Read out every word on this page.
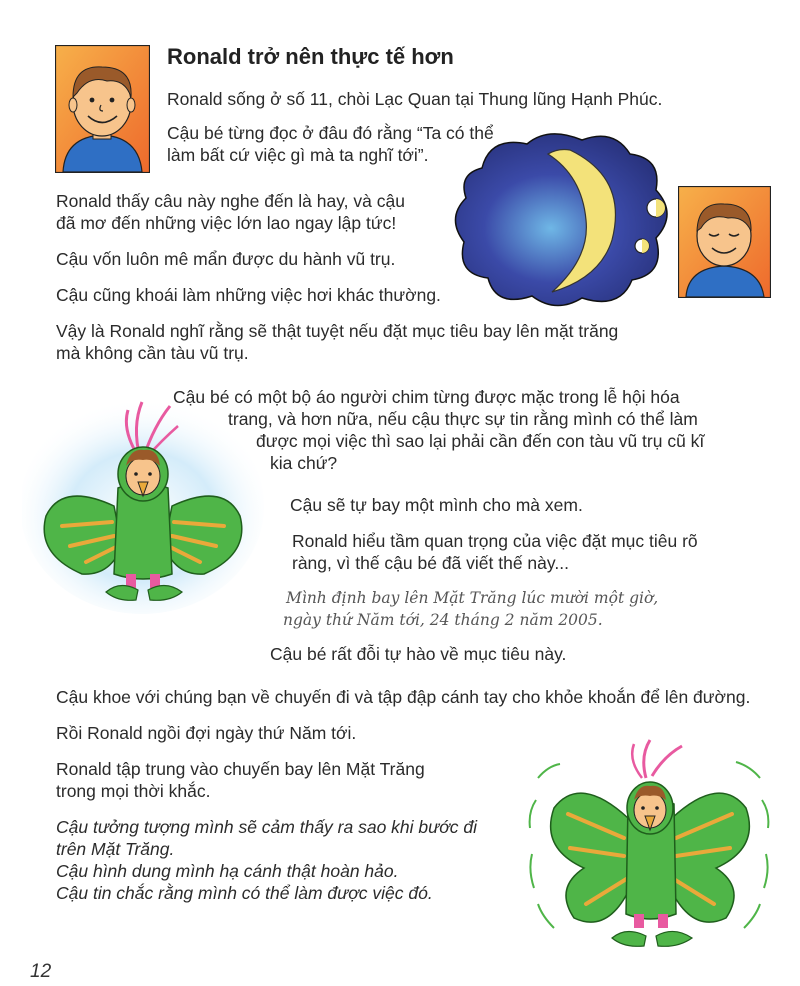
Ronald trở nên thực tế hơn
Ronald sống ở số 11, chòi Lạc Quan tại Thung lũng Hạnh Phúc.
Cậu bé từng đọc ở đâu đó rằng “Ta có thể
làm bất cứ việc gì mà ta nghĩ tới”.
Ronald thấy câu này nghe đến là hay, và cậu
đã mơ đến những việc lớn lao ngay lập tức!
Cậu vốn luôn mê mẩn được du hành vũ trụ.
Cậu cũng khoái làm những việc hơi khác thường.
Vậy là Ronald nghĩ rằng sẽ thật tuyệt nếu đặt mục tiêu bay lên mặt trăng
mà không cần tàu vũ trụ.
Cậu bé có một bộ áo người chim từng được mặc trong lễ hội hóa
trang, và hơn nữa, nếu cậu thực sự tin rằng mình có thể làm
được mọi việc thì sao lại phải cần đến con tàu vũ trụ cũ kĩ
kia chứ?
Cậu sẽ tự bay một mình cho mà xem.
Ronald hiểu tầm quan trọng của việc đặt mục tiêu rõ
ràng, vì thế cậu bé đã viết thế này...
Mình định bay lên Mặt Trăng lúc mười một giờ,
ngày thứ Năm tới, 24 tháng 2 năm 2005.
Cậu bé rất đỗi tự hào về mục tiêu này.
Cậu khoe với chúng bạn về chuyến đi và tập đập cánh tay cho khỏe khoắn để lên đường.
Rồi Ronald ngồi đợi ngày thứ Năm tới.
Ronald tập trung vào chuyến bay lên Mặt Trăng
trong mọi thời khắc.
Cậu tưởng tượng mình sẽ cảm thấy ra sao khi bước đi
trên Mặt Trăng.
Cậu hình dung mình hạ cánh thật hoàn hảo.
Cậu tin chắc rằng mình có thể làm được việc đó.
12
